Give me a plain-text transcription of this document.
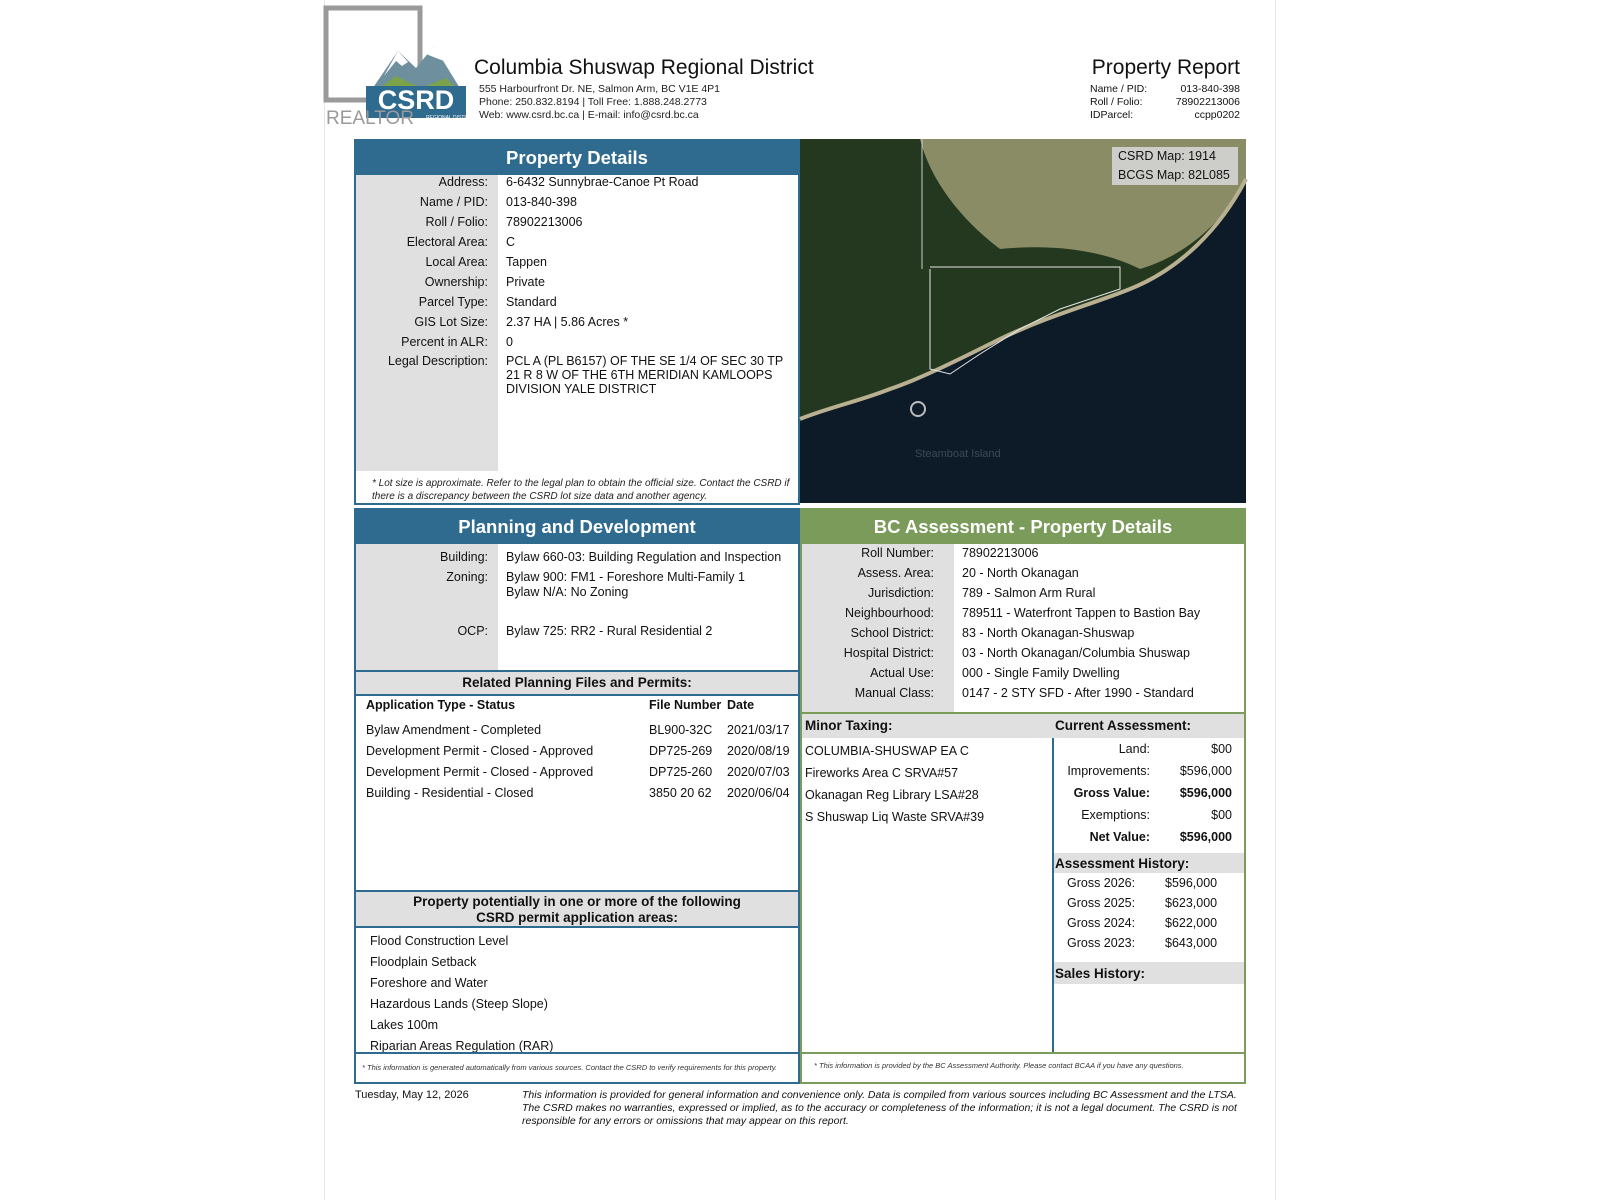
CSRD
REGIONAL DISTRICT
REALTOR
Columbia Shuswap Regional District
555 Harbourfront Dr. NE, Salmon Arm, BC V1E 4P1
Phone: 250.832.8194 | Toll Free: 1.888.248.2773
Web: www.csrd.bc.ca | E-mail: info@csrd.bc.ca
Property Report
Name / PID:	013-840-398
Roll / Folio:	78902213006
IDParcel:	ccpp0202
Property Details
Address: 6-6432 Sunnybrae-Canoe Pt Road
Name / PID: 013-840-398
Roll / Folio: 78902213006
Electoral Area: C
Local Area: Tappen
Ownership: Private
Parcel Type: Standard
GIS Lot Size: 2.37 HA | 5.86 Acres *
Percent in ALR: 0
Legal Description: PCL A (PL B6157) OF THE SE 1/4 OF SEC 30 TP 21 R 8 W OF THE 6TH MERIDIAN KAMLOOPS DIVISION YALE DISTRICT
* Lot size is approximate. Refer to the legal plan to obtain the official size. Contact the CSRD if there is a discrepancy between the CSRD lot size data and another agency.
Steamboat Island
CSRD Map: 1914
BCGS Map: 82L085
Planning and Development
Building: Bylaw 660-03: Building Regulation and Inspection
Zoning: Bylaw 900: FM1 - Foreshore Multi-Family 1
Bylaw N/A: No Zoning
OCP: Bylaw 725: RR2 - Rural Residential 2
Related Planning Files and Permits:
Application Type - Status	File Number Date
Bylaw Amendment - Completed	BL900-32C 2021/03/17
Development Permit - Closed - Approved	DP725-269 2020/08/19
Development Permit - Closed - Approved	DP725-260 2020/07/03
Building - Residential - Closed	3850 20 62 2020/06/04
Property potentially in one or more of the following
CSRD permit application areas:
Flood Construction Level
Floodplain Setback
Foreshore and Water
Hazardous Lands (Steep Slope)
Lakes 100m
Riparian Areas Regulation (RAR)
* This information is generated automatically from various sources. Contact the CSRD to verify requirements for this property.
BC Assessment - Property Details
Roll Number: 78902213006
Assess. Area: 20 - North Okanagan
Jurisdiction: 789 - Salmon Arm Rural
Neighbourhood: 789511 - Waterfront Tappen to Bastion Bay
School District: 83 - North Okanagan-Shuswap
Hospital District: 03 - North Okanagan/Columbia Shuswap
Actual Use: 000 - Single Family Dwelling
Manual Class: 0147 - 2 STY SFD - After 1990 - Standard
Minor Taxing:	Current Assessment:
COLUMBIA-SHUSWAP EA C
Fireworks Area C SRVA#57
Okanagan Reg Library LSA#28
S Shuswap Liq Waste SRVA#39
Land:	$00
Improvements: $596,000
Gross Value: $596,000
Exemptions:	$00
Net Value: $596,000
Assessment History:
Gross 2026: $596,000
Gross 2025: $623,000
Gross 2024: $622,000
Gross 2023: $643,000
Sales History:
* This information is provided by the BC Assessment Authority. Please contact BCAA if you have any questions.
Tuesday, May 12, 2026	This information is provided for general information and convenience only. Data is compiled from various sources including BC Assessment and the LTSA. The CSRD makes no warranties, expressed or implied, as to the accuracy or completeness of the information; it is not a legal document. The CSRD is not responsible for any errors or omissions that may appear on this report.
